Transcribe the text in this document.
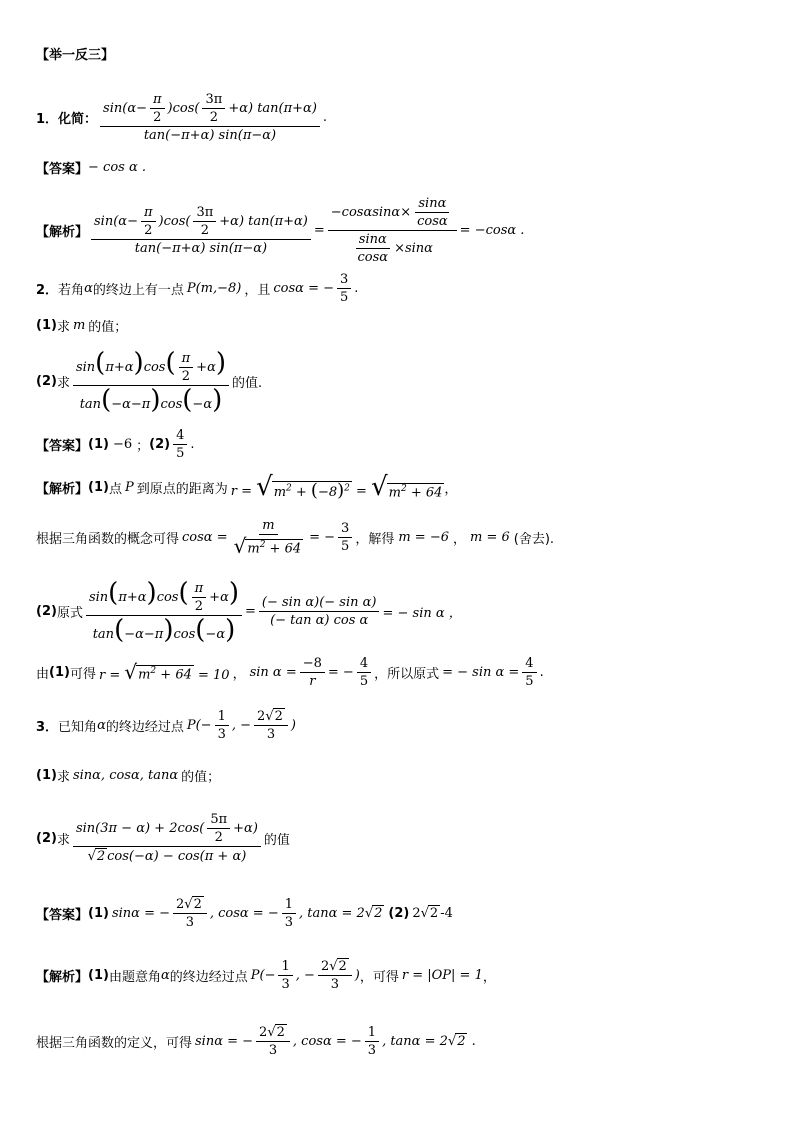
【举一反三】
1．化简： $\frac{\sin(\alpha- \frac{\pi}{2} )\cos( \frac{3\pi}{2} +\alpha) \tan(\pi+\alpha)}{\tan(-\pi+\alpha) \sin(\pi-\alpha)}$ .
【答案】 − cos α .
【解析】 $\frac{\sin(\alpha- \frac{\pi}{2} )\cos( \frac{3\pi}{2} +\alpha) \tan(\pi+\alpha)}{\tan(-\pi+\alpha) \sin(\pi-\alpha)} = \frac{-\cos\alpha\sin\alpha\times \frac{\sin\alpha}{\cos\alpha}}{\frac{\sin\alpha}{\cos\alpha} \times\sin\alpha} = -\cos\alpha$ .
2． 若角 α 的终边上有一点 P(m,−8) ，且 cosα = − $\frac{3}{5}$ .
(1) 求 m 的值；
(2) 求 $\frac{\sin(\pi+\alpha)\cos( \frac{\pi}{2} +\alpha)}{\tan(-\alpha-\pi)\cos(-\alpha)}$ 的值.
【答案】 (1) −6 ； $(2) \frac{4}{5}$ .
【解析】 (1) 点 P 到原点的距离为 r = √ $m^2 + (-8)^2$ = √ $m^2 + 64$ ，
根据三角函数的概念可得 $\cos\alpha = \frac{m}{√ m^2 + 64}$ = − $\frac{3}{5}$ ，解得 m = −6 ， m = 6 (舍去).
(2) 原式 $\frac{\sin(\pi+\alpha)\cos( \frac{\pi}{2} +\alpha)}{\tan(-\alpha-\pi)\cos(-\alpha)} = \frac{\text{(− sin α)(− sin α)}}{\text{(− tan α) cos α}}$ = − sin α ，
由 (1) 可得 r = √ $m^2 + 64 = 10$ ， $\sin \alpha = \frac{-8}{r}$ = − $\frac{4}{5}$ ，所以原式 = − $\sin \alpha = \frac{4}{5}$ .
3． 已知角 α 的终边经过点 $P(- \frac{1}{3}$ , − $\frac{2 √ 2}{3}$ )
(1) 求 sinα, cosα, tanα 的值；
(2) 求 $\frac{\sin(3\pi - \alpha) + 2\cos( \frac{5\pi}{2} +\alpha)}{√ 2 \cos(-\alpha) - \cos(\pi + \alpha)}$ 的值
【答案】 (1) sinα = − $\frac{2 √ 2}{3}$ , cosα = − $\frac{1}{3}$ , tanα = 2 √ 2 (2) 2 √ 2 -4
【解析】 (1) 由题意角 α 的终边经过点 $P(- \frac{1}{3}$ , − $\frac{2 √ 2}{3}$ ) ，可得 r = |OP| = 1 ，
根据三角函数的定义，可得 sinα = − $\frac{2 √ 2}{3}$ , cosα = − $\frac{1}{3}$ , tanα = 2 √ 2 .
